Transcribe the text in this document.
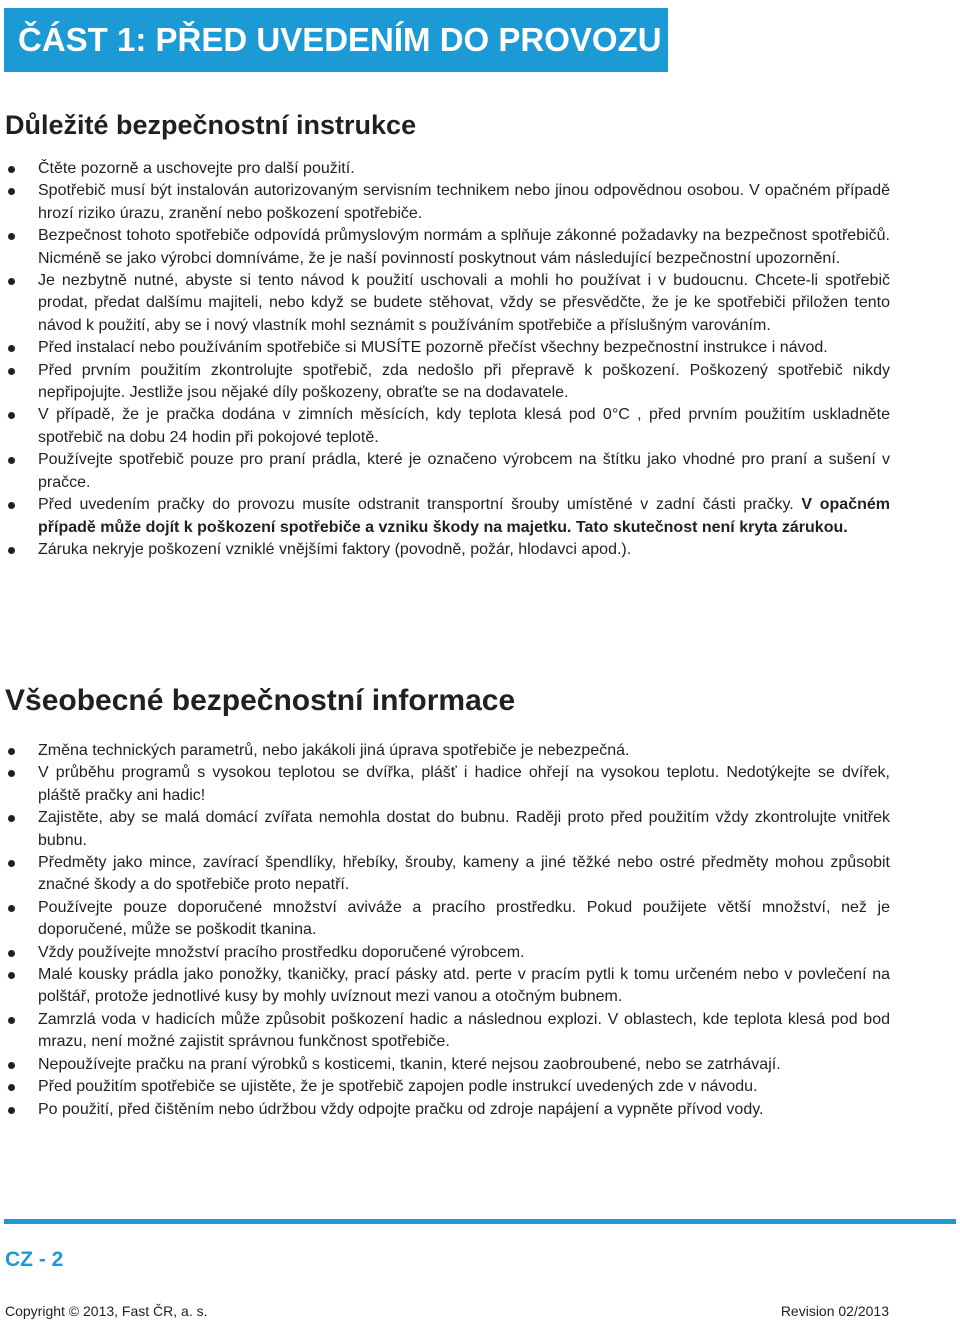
ČÁST 1: PŘED UVEDENÍM DO PROVOZU
Důležité bezpečnostní instrukce
Čtěte pozorně a uschovejte pro další použití.
Spotřebič musí být instalován autorizovaným servisním technikem nebo jinou odpovědnou osobou. V opačném případě hrozí riziko úrazu, zranění nebo poškození spotřebiče.
Bezpečnost tohoto spotřebiče odpovídá průmyslovým normám a splňuje zákonné požadavky na bezpečnost spotřebičů. Nicméně se jako výrobci domníváme, že je naší povinností poskytnout vám následující bezpečnostní upozornění.
Je nezbytně nutné, abyste si tento návod k použití uschovali a mohli ho používat i v budoucnu. Chcete-li spotřebič prodat, předat dalšímu majiteli, nebo když se budete stěhovat, vždy se přesvědčte, že je ke spotřebiči přiložen tento návod k použití, aby se i nový vlastník mohl seznámit s používáním spotřebiče a příslušným varováním.
Před instalací nebo používáním spotřebiče si MUSÍTE pozorně přečíst všechny bezpečnostní instrukce i návod.
Před prvním použitím zkontrolujte spotřebič, zda nedošlo při přepravě k poškození. Poškozený spotřebič nikdy nepřipojujte. Jestliže jsou nějaké díly poškozeny, obraťte se na dodavatele.
V případě, že je pračka dodána v zimních měsících, kdy teplota klesá pod 0°C , před prvním použitím uskladněte spotřebič na dobu 24 hodin při pokojové teplotě.
Používejte spotřebič pouze pro praní prádla, které je označeno výrobcem na štítku jako vhodné pro praní a sušení v pračce.
Před uvedením pračky do provozu musíte odstranit transportní šrouby umístěné v zadní části pračky. V opačném případě může dojít k poškození spotřebiče a vzniku škody na majetku. Tato skutečnost není kryta zárukou.
Záruka nekryje poškození vzniklé vnějšími faktory (povodně, požár, hlodavci apod.).
Všeobecné bezpečnostní informace
Změna technických parametrů, nebo jakákoli jiná úprava spotřebiče je nebezpečná.
V průběhu programů s vysokou teplotou se dvířka, plášť i hadice ohřejí na vysokou teplotu. Nedotýkejte se dvířek, pláště pračky ani hadic!
Zajistěte, aby se malá domácí zvířata nemohla dostat do bubnu. Raději proto před použitím vždy zkontrolujte vnitřek bubnu.
Předměty jako mince, zavírací špendlíky, hřebíky, šrouby, kameny a jiné těžké nebo ostré předměty mohou způsobit značné škody a do spotřebiče proto nepatří.
Používejte pouze doporučené množství aviváže a pracího prostředku. Pokud použijete větší množství, než je doporučené, může se poškodit tkanina.
Vždy používejte množství pracího prostředku doporučené výrobcem.
Malé kousky prádla jako ponožky, tkaničky, prací pásky atd. perte v pracím pytli k tomu určeném nebo v povlečení na polštář, protože jednotlivé kusy by mohly uvíznout mezi vanou a otočným bubnem.
Zamrzlá voda v hadicích může způsobit poškození hadic a následnou explozi. V oblastech, kde teplota klesá pod bod mrazu, není možné zajistit správnou funkčnost spotřebiče.
Nepoužívejte pračku na praní výrobků s kosticemi, tkanin, které nejsou zaobroubené, nebo se zatrhávají.
Před použitím spotřebiče se ujistěte, že je spotřebič zapojen podle instrukcí uvedených zde v návodu.
Po použití, před čištěním nebo údržbou vždy odpojte pračku od zdroje napájení a vypněte přívod vody.
CZ - 2
Copyright © 2013, Fast ČR, a. s.	Revision 02/2013
